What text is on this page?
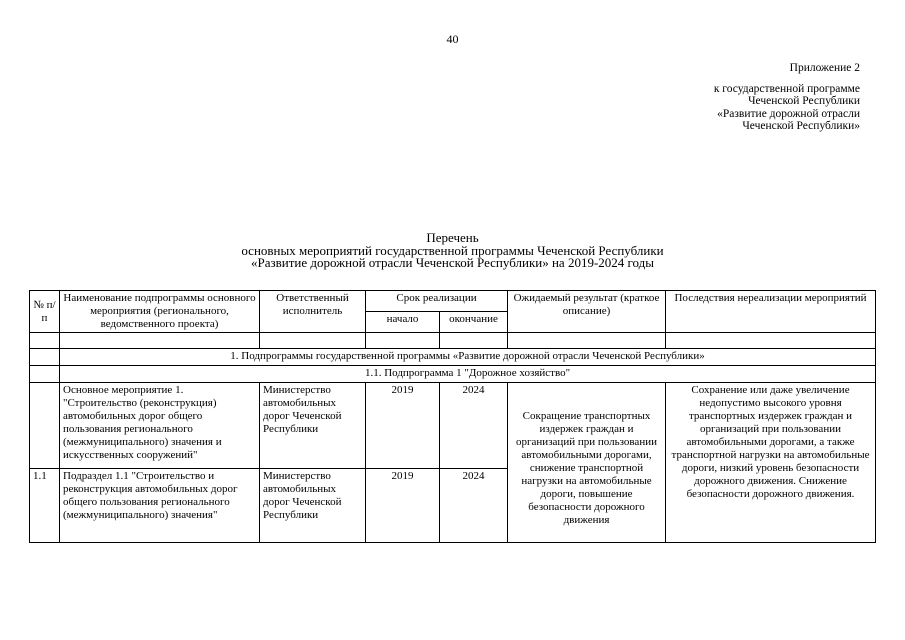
40
Приложение 2
к государственной программе
Чеченской Республики
«Развитие дорожной отрасли
Чеченской Республики»
Перечень
основных мероприятий государственной программы Чеченской Республики
«Развитие дорожной отрасли Чеченской Республики» на 2019-2024 годы
№ п/п	Наименование подпрограммы основного мероприятия (регионального, ведомственного проекта)	Ответственный исполнитель	Срок реализации		Ожидаемый результат (краткое описание)	Последствия нереализации мероприятий
			начало	окончание		

	1. Подпрограммы государственной программы «Развитие дорожной отрасли Чеченской Республики»					
	1.1. Подпрограмма 1 "Дорожное хозяйство"					
	Основное мероприятие 1. "Строительство (реконструкция) автомобильных дорог общего пользования регионального (межмуниципального) значения и искусственных сооружений"	Министерство автомобильных дорог Чеченской Республики	2019	2024	Сокращение транспортных издержек граждан и организаций при пользовании автомобильными дорогами, снижение транспортной нагрузки на автомобильные дороги, повышение безопасности дорожного движения	Сохранение или даже увеличение недопустимо высокого уровня транспортных издержек граждан и организаций при пользовании автомобильными дорогами, а также транспортной нагрузки на автомобильные дороги, низкий уровень безопасности дорожного движения. Снижение безопасности дорожного движения.
1.1	Подраздел 1.1 "Строительство и реконструкция автомобильных дорог общего пользования регионального (межмуниципального) значения"	Министерство автомобильных дорог Чеченской Республики	2019	2024		
